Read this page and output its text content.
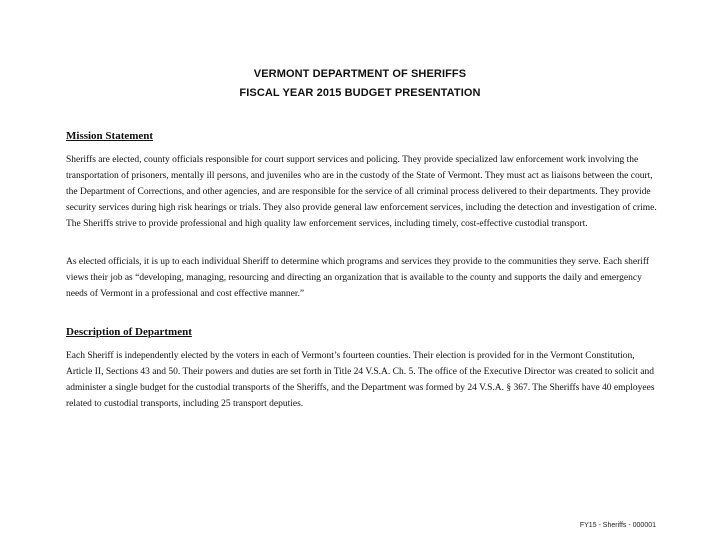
VERMONT DEPARTMENT OF SHERIFFS
FISCAL YEAR 2015 BUDGET PRESENTATION
Mission Statement

Sheriffs are elected, county officials responsible for court support services and policing. They provide specialized law enforcement work involving the transportation of prisoners, mentally ill persons, and juveniles who are in the custody of the State of Vermont. They must act as liaisons between the court, the Department of Corrections, and other agencies, and are responsible for the service of all criminal process delivered to their departments. They provide security services during high risk hearings or trials. They also provide general law enforcement services, including the detection and investigation of crime. The Sheriffs strive to provide professional and high quality law enforcement services, including timely, cost-effective custodial transport.

As elected officials, it is up to each individual Sheriff to determine which programs and services they provide to the communities they serve. Each sheriff views their job as “developing, managing, resourcing and directing an organization that is available to the county and supports the daily and emergency needs of Vermont in a professional and cost effective manner.”

Description of Department

Each Sheriff is independently elected by the voters in each of Vermont’s fourteen counties. Their election is provided for in the Vermont Constitution, Article II, Sections 43 and 50. Their powers and duties are set forth in Title 24 V.S.A. Ch. 5. The office of the Executive Director was created to solicit and administer a single budget for the custodial transports of the Sheriffs, and the Department was formed by 24 V.S.A. § 367. The Sheriffs have 40 employees related to custodial transports, including 25 transport deputies.

FY15 - Sheriffs - 000001
